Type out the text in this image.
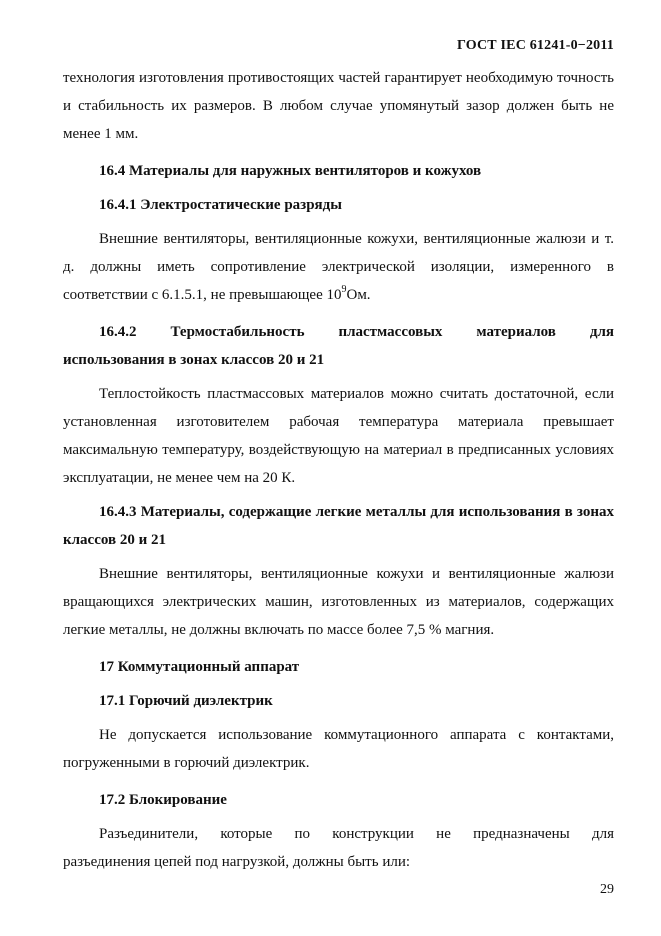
ГОСТ IEC 61241-0−2011

технология изготовления противостоящих частей гарантирует необходимую точность и стабильность их размеров. В любом случае упомянутый зазор должен быть не менее 1 мм.

16.4 Материалы для наружных вентиляторов и кожухов

16.4.1 Электростатические разряды

Внешние вентиляторы, вентиляционные кожухи, вентиляционные жалюзи и т. д. должны иметь сопротивление электрической изоляции, измеренного в соответствии с 6.1.5.1, не превышающее $10^9Ом$.

16.4.2 Термостабильность пластмассовых материалов для

использования в зонах классов 20 и 21

Теплостойкость пластмассовых материалов можно считать достаточной, если установленная изготовителем рабочая температура материала превышает максимальную температуру, воздействующую на материал в предписанных условиях эксплуатации, не менее чем на 20 К.

16.4.3 Материалы, содержащие легкие металлы для использования в зонах классов 20 и 21

Внешние вентиляторы, вентиляционные кожухи и вентиляционные жалюзи вращающихся электрических машин, изготовленных из материалов, содержащих легкие металлы, не должны включать по массе более 7,5 % магния.

17 Коммутационный аппарат

17.1 Горючий диэлектрик

Не допускается использование коммутационного аппарата с контактами, погруженными в горючий диэлектрик.

17.2 Блокирование

Разъединители, которые по конструкции не предназначены для

разъединения цепей под нагрузкой, должны быть или:

29
